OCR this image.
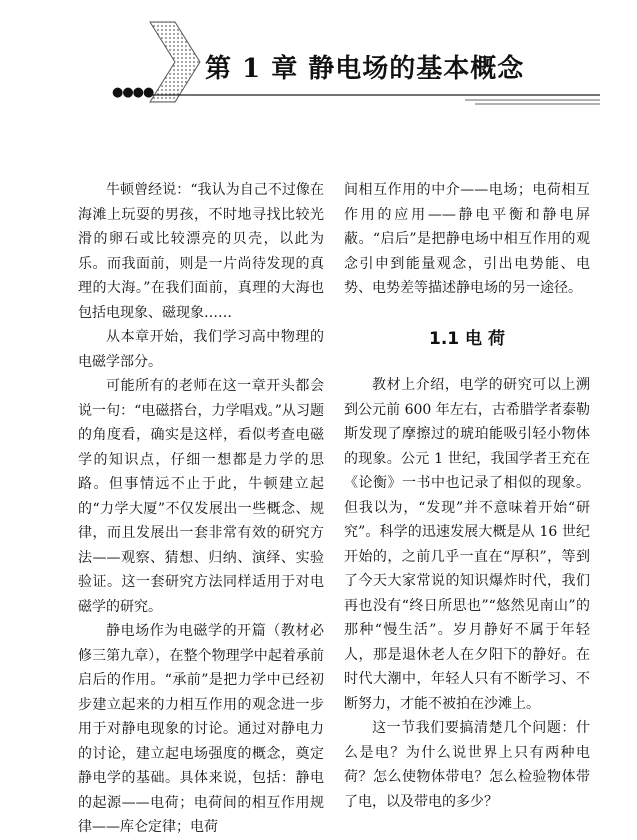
●●●●
第 1 章 静电场的基本概念

牛顿曾经说：“我认为自己不过像在海滩上玩耍的男孩，不时地寻找比较光滑的卵石或比较漂亮的贝壳，以此为乐。而我面前，则是一片尚待发现的真理的大海。”在我们面前，真理的大海也包括电现象、磁现象……

从本章开始，我们学习高中物理的电磁学部分。

可能所有的老师在这一章开头都会说一句：“电磁搭台，力学唱戏。”从习题的角度看，确实是这样，看似考查电磁学的知识点，仔细一想都是力学的思路。但事情远不止于此，牛顿建立起的“力学大厦”不仅发展出一些概念、规律，而且发展出一套非常有效的研究方法——观察、猜想、归纳、演绎、实验验证。这一套研究方法同样适用于对电磁学的研究。

静电场作为电磁学的开篇（教材必修三第九章），在整个物理学中起着承前启后的作用。“承前”是把力学中已经初步建立起来的力相互作用的观念进一步用于对静电现象的讨论。通过对静电力的讨论，建立起电场强度的概念，奠定静电学的基础。具体来说，包括：静电的起源——电荷；电荷间的相互作用规律——库仑定律；电荷

间相互作用的中介——电场；电荷相互作用的应用——静电平衡和静电屏蔽。“启后”是把静电场中相互作用的观念引申到能量观念，引出电势能、电势、电势差等描述静电场的另一途径。

1.1 电 荷

教材上介绍，电学的研究可以上溯到公元前 600 年左右，古希腊学者泰勒斯发现了摩擦过的琥珀能吸引轻小物体的现象。公元 1 世纪，我国学者王充在《论衡》一书中也记录了相似的现象。但我以为，“发现”并不意味着开始“研究”。科学的迅速发展大概是从 16 世纪开始的，之前几乎一直在“厚积”，等到了今天大家常说的知识爆炸时代，我们再也没有“终日所思也”“悠然见南山”的那种“慢生活”。岁月静好不属于年轻人，那是退休老人在夕阳下的静好。在时代大潮中，年轻人只有不断学习、不断努力，才能不被拍在沙滩上。

这一节我们要搞清楚几个问题：什么是电？为什么说世界上只有两种电荷？怎么使物体带电？怎么检验物体带了电，以及带电的多少？
